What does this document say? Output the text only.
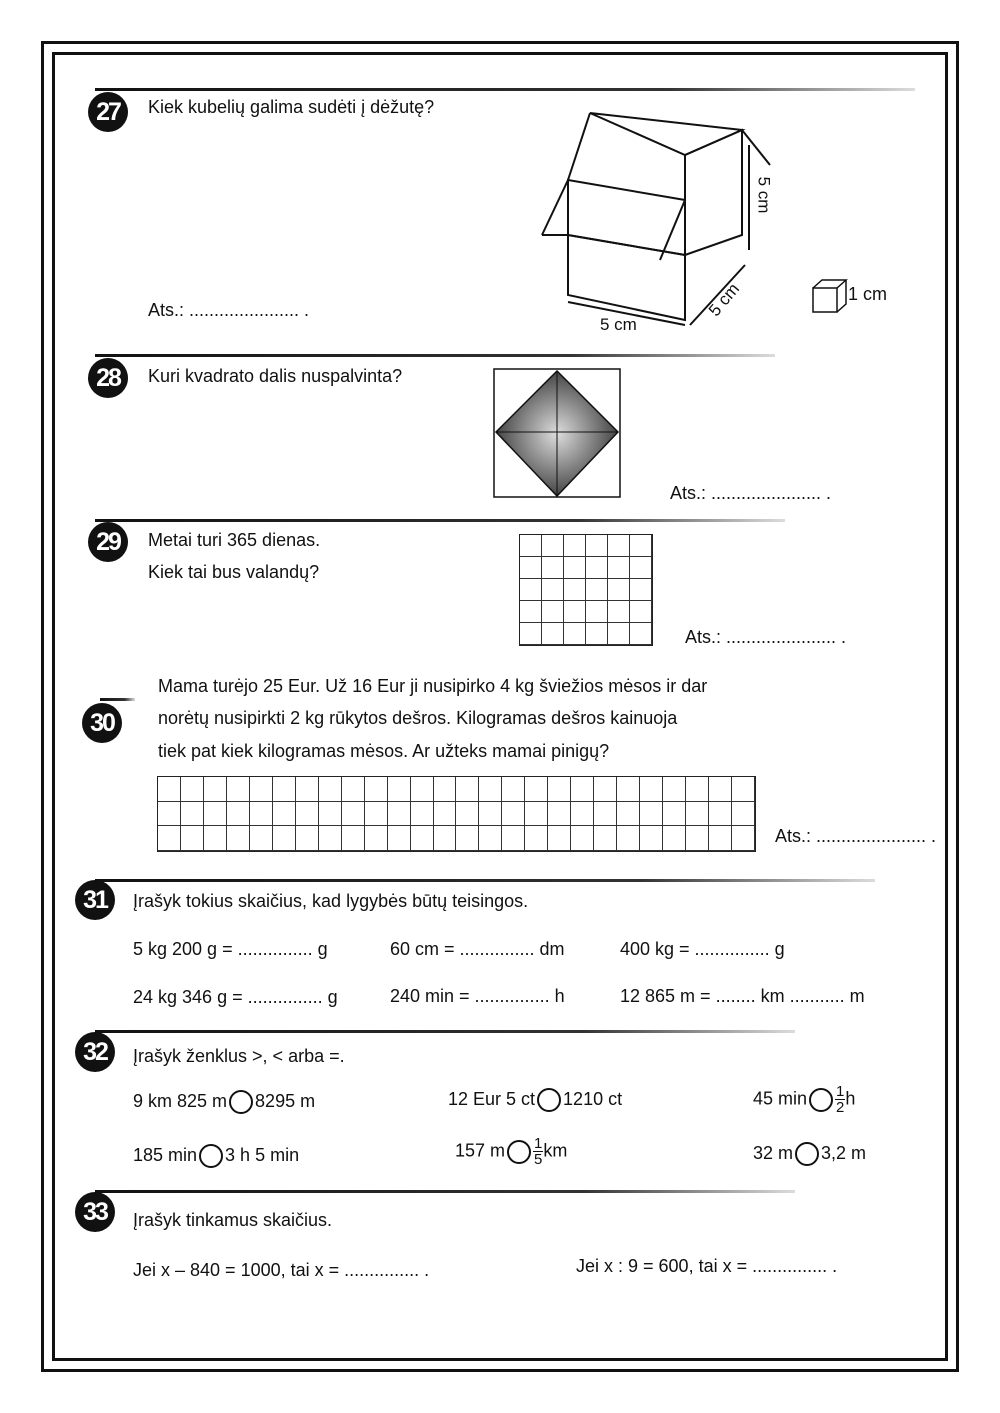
27	Kiek kubelių galima sudėti į dėžutę?
Ats.: ...................... .
5 cm
5 cm
5 cm
1 cm
28	Kuri kvadrato dalis nuspalvinta?
Ats.: ...................... .
29	Metai turi 365 dienas.
Kiek tai bus valandų?
Ats.: ...................... .
30
Mama turėjo 25 Eur. Už 16 Eur ji nusipirko 4 kg šviežios mėsos ir dar
norėtų nusipirkti 2 kg rūkytos dešros. Kilogramas dešros kainuoja
tiek pat kiek kilogramas mėsos. Ar užteks mamai pinigų?
Ats.: ...................... .
31	Įrašyk tokius skaičius, kad lygybės būtų teisingos.
5 kg 200 g = ............... g	60 cm = ............... dm	400 kg = ............... g
24 kg 346 g = ............... g	240 min = ............... h	12 865 m = ........ km ........... m
32	Įrašyk ženklus >, < arba =.
9 km 825 m 8295 m	12 Eur 5 ct 1210 ct	45 $\min \frac{1}{2}$ h
185 min 3 h 5 min	157 m $\frac{1}{5}$ km	32 m 3,2 m
33	Įrašyk tinkamus skaičius.
Jei x – 840 = 1000, tai x = ............... .	Jei x : 9 = 600, tai x = ............... .
